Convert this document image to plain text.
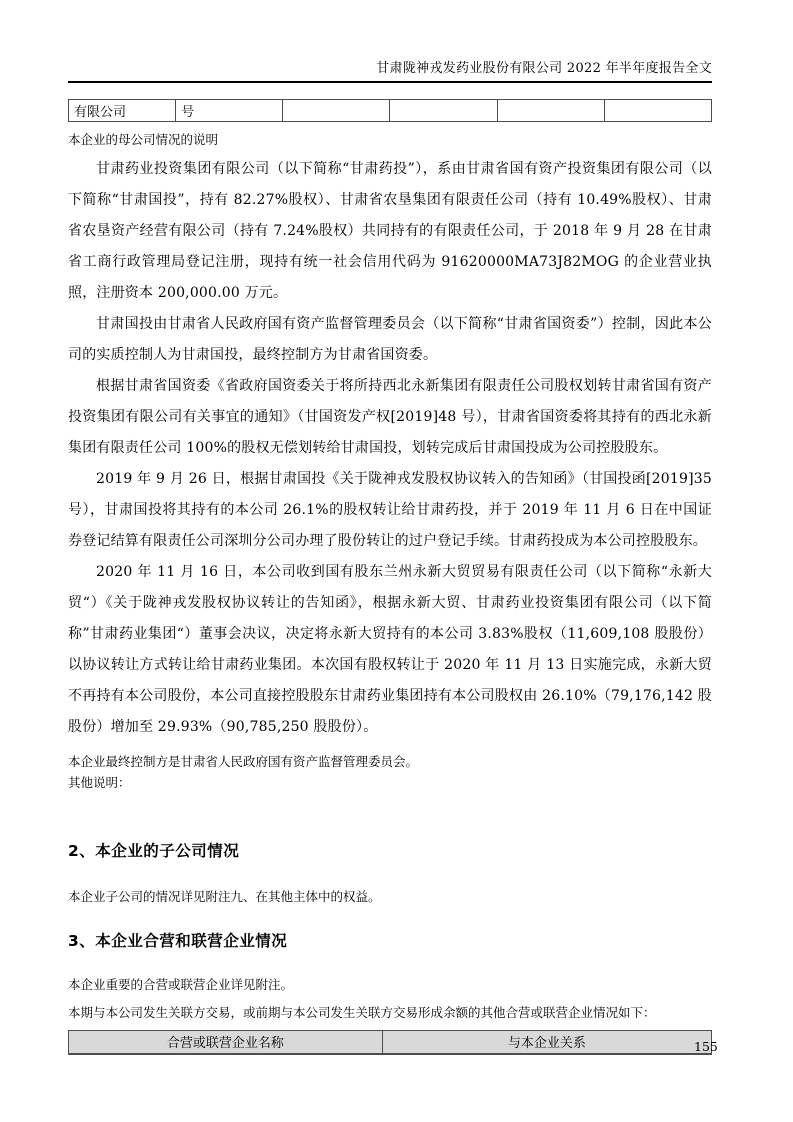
甘肃陇神戎发药业股份有限公司 2022 年半年度报告全文
有限公司	号				
本企业的母公司情况的说明

甘肃药业投资集团有限公司（以下简称“甘肃药投”），系由甘肃省国有资产投资集团有限公司（以下简称“甘肃国投”，持有 82.27%股权）、甘肃省农垦集团有限责任公司（持有 10.49%股权）、甘肃省农垦资产经营有限公司（持有 7.24%股权）共同持有的有限责任公司，于 2018 年 9 月 28 在甘肃省工商行政管理局登记注册，现持有统一社会信用代码为 91620000MA73J82MOG 的企业营业执照，注册资本 200,000.00 万元。

甘肃国投由甘肃省人民政府国有资产监督管理委员会（以下简称“甘肃省国资委”）控制，因此本公司的实质控制人为甘肃国投，最终控制方为甘肃省国资委。

根据甘肃省国资委《省政府国资委关于将所持西北永新集团有限责任公司股权划转甘肃省国有资产投资集团有限公司有关事宜的通知》（甘国资发产权[2019]48 号），甘肃省国资委将其持有的西北永新集团有限责任公司 100%的股权无偿划转给甘肃国投，划转完成后甘肃国投成为公司控股股东。

2019 年 9 月 26 日，根据甘肃国投《关于陇神戎发股权协议转入的告知函》（甘国投函[2019]35 号），甘肃国投将其持有的本公司 26.1%的股权转让给甘肃药投，并于 2019 年 11 月 6 日在中国证券登记结算有限责任公司深圳分公司办理了股份转让的过户登记手续。甘肃药投成为本公司控股股东。

2020 年 11 月 16 日，本公司收到国有股东兰州永新大贸贸易有限责任公司（以下简称“永新大贸“）《关于陇神戎发股权协议转让的告知函》，根据永新大贸、甘肃药业投资集团有限公司（以下简称”甘肃药业集团“）董事会决议，决定将永新大贸持有的本公司 3.83%股权（11,609,108 股股份）以协议转让方式转让给甘肃药业集团。本次国有股权转让于 2020 年 11 月 13 日实施完成，永新大贸不再持有本公司股份，本公司直接控股股东甘肃药业集团持有本公司股权由 26.10%（79,176,142 股股份）增加至 29.93%（90,785,250 股股份）。

本企业最终控制方是甘肃省人民政府国有资产监督管理委员会。
其他说明：
2、本企业的子公司情况
本企业子公司的情况详见附注九、在其他主体中的权益。
3、本企业合营和联营企业情况
本企业重要的合营或联营企业详见附注。
本期与本公司发生关联方交易，或前期与本公司发生关联方交易形成余额的其他合营或联营企业情况如下：
合营或联营企业名称	与本企业关系	155
